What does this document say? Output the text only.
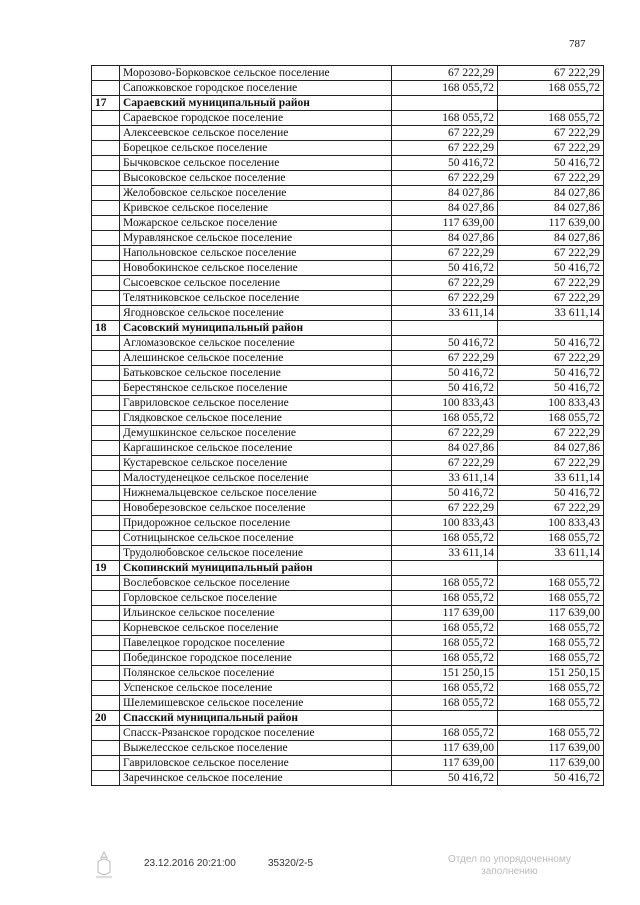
787
	Морозово-Борковское сельское поселение	67 222,29	67 222,29
	Сапожковское городское поселение	168 055,72	168 055,72
17	Сараевский муниципальный район		
	Сараевское городское поселение	168 055,72	168 055,72
	Алексеевское сельское поселение	67 222,29	67 222,29
	Борецкое сельское поселение	67 222,29	67 222,29
	Бычковское сельское поселение	50 416,72	50 416,72
	Высоковское сельское поселение	67 222,29	67 222,29
	Желобовское сельское поселение	84 027,86	84 027,86
	Кривское сельское поселение	84 027,86	84 027,86
	Можарское сельское поселение	117 639,00	117 639,00
	Муравлянское сельское поселение	84 027,86	84 027,86
	Напольновское сельское поселение	67 222,29	67 222,29
	Новобокинское сельское поселение	50 416,72	50 416,72
	Сысоевское сельское поселение	67 222,29	67 222,29
	Телятниковское сельское поселение	67 222,29	67 222,29
	Ягодновское сельское поселение	33 611,14	33 611,14
18	Сасовский муниципальный район		
	Агломазовское сельское поселение	50 416,72	50 416,72
	Алешинское сельское поселение	67 222,29	67 222,29
	Батьковское сельское поселение	50 416,72	50 416,72
	Берестянское сельское поселение	50 416,72	50 416,72
	Гавриловское сельское поселение	100 833,43	100 833,43
	Глядковское сельское поселение	168 055,72	168 055,72
	Демушкинское сельское поселение	67 222,29	67 222,29
	Каргашинское сельское поселение	84 027,86	84 027,86
	Кустаревское сельское поселение	67 222,29	67 222,29
	Малостуденецкое сельское поселение	33 611,14	33 611,14
	Нижнемальцевское сельское поселение	50 416,72	50 416,72
	Новоберезовское сельское поселение	67 222,29	67 222,29
	Придорожное сельское поселение	100 833,43	100 833,43
	Сотницынское сельское поселение	168 055,72	168 055,72
	Трудолюбовское сельское поселение	33 611,14	33 611,14
19	Скопинский муниципальный район		
	Вослебовское сельское поселение	168 055,72	168 055,72
	Горловское сельское поселение	168 055,72	168 055,72
	Ильинское сельское поселение	117 639,00	117 639,00
	Корневское сельское поселение	168 055,72	168 055,72
	Павелецкое городское поселение	168 055,72	168 055,72
	Побединское городское поселение	168 055,72	168 055,72
	Полянское сельское поселение	151 250,15	151 250,15
	Успенское сельское поселение	168 055,72	168 055,72
	Шелемишевское сельское поселение	168 055,72	168 055,72
20	Спасский муниципальный район		
	Спасск-Рязанское городское поселение	168 055,72	168 055,72
	Выжелесское сельское поселение	117 639,00	117 639,00
	Гавриловское сельское поселение	117 639,00	117 639,00
	Заречинское сельское поселение	50 416,72	50 416,72
23.12.2016 20:21:00	35320/2-5	Отдел по упорядоченному
заполнению
